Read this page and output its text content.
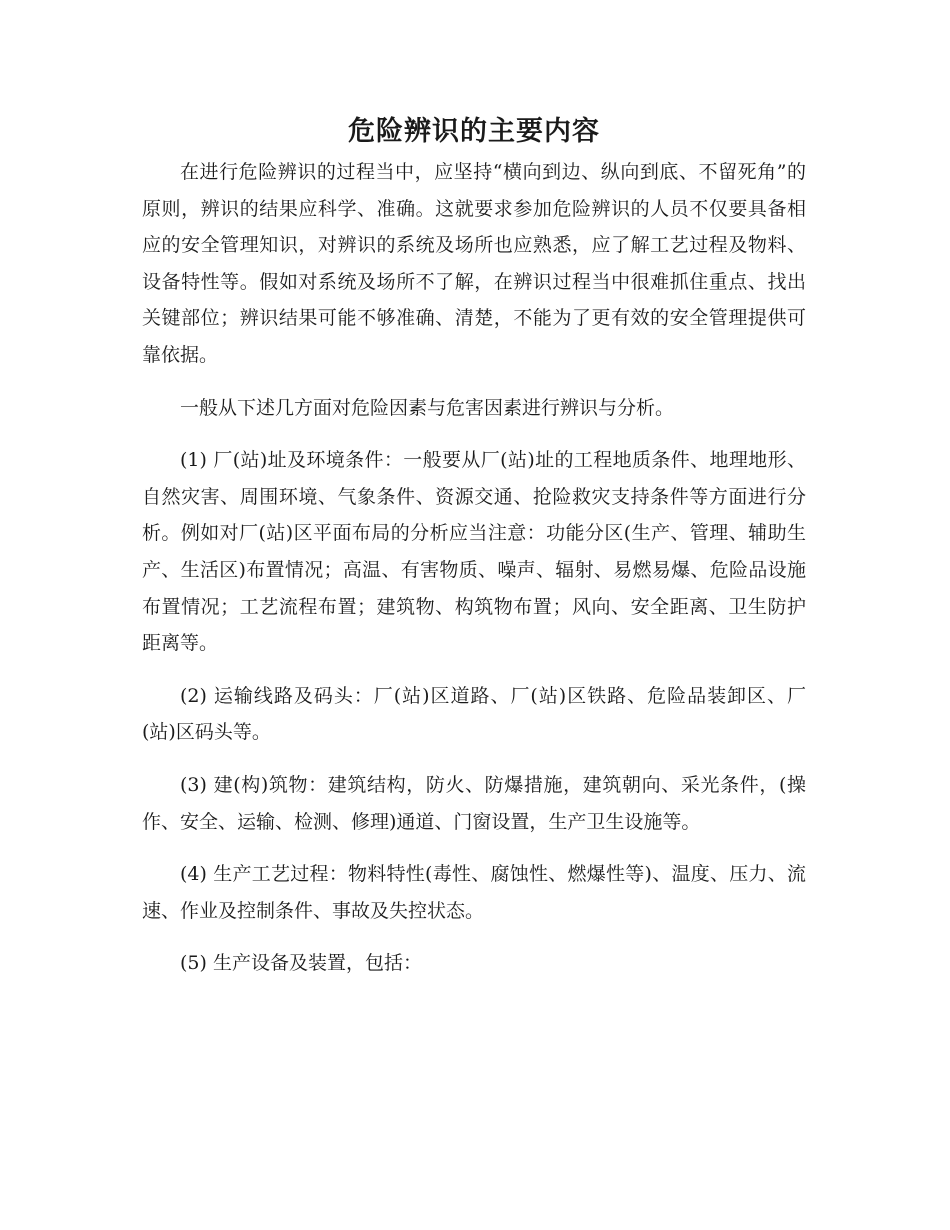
危险辨识的主要内容

在进行危险辨识的过程当中，应坚持“横向到边、纵向到底、不留死角”的原则，辨识的结果应科学、准确。这就要求参加危险辨识的人员不仅要具备相应的安全管理知识，对辨识的系统及场所也应熟悉，应了解工艺过程及物料、设备特性等。假如对系统及场所不了解，在辨识过程当中很难抓住重点、找出关键部位；辨识结果可能不够准确、清楚，不能为了更有效的安全管理提供可靠依据。

一般从下述几方面对危险因素与危害因素进行辨识与分析。

(1) 厂(站)址及环境条件：一般要从厂(站)址的工程地质条件、地理地形、自然灾害、周围环境、气象条件、资源交通、抢险救灾支持条件等方面进行分析。例如对厂(站)区平面布局的分析应当注意：功能分区(生产、管理、辅助生产、生活区)布置情况；高温、有害物质、噪声、辐射、易燃易爆、危险品设施布置情况；工艺流程布置；建筑物、构筑物布置；风向、安全距离、卫生防护距离等。

(2) 运输线路及码头：厂(站)区道路、厂(站)区铁路、危险品装卸区、厂(站)区码头等。

(3) 建(构)筑物：建筑结构，防火、防爆措施，建筑朝向、采光条件，(操作、安全、运输、检测、修理)通道、门窗设置，生产卫生设施等。

(4) 生产工艺过程：物料特性(毒性、腐蚀性、燃爆性等)、温度、压力、流速、作业及控制条件、事故及失控状态。

(5) 生产设备及装置，包括：
